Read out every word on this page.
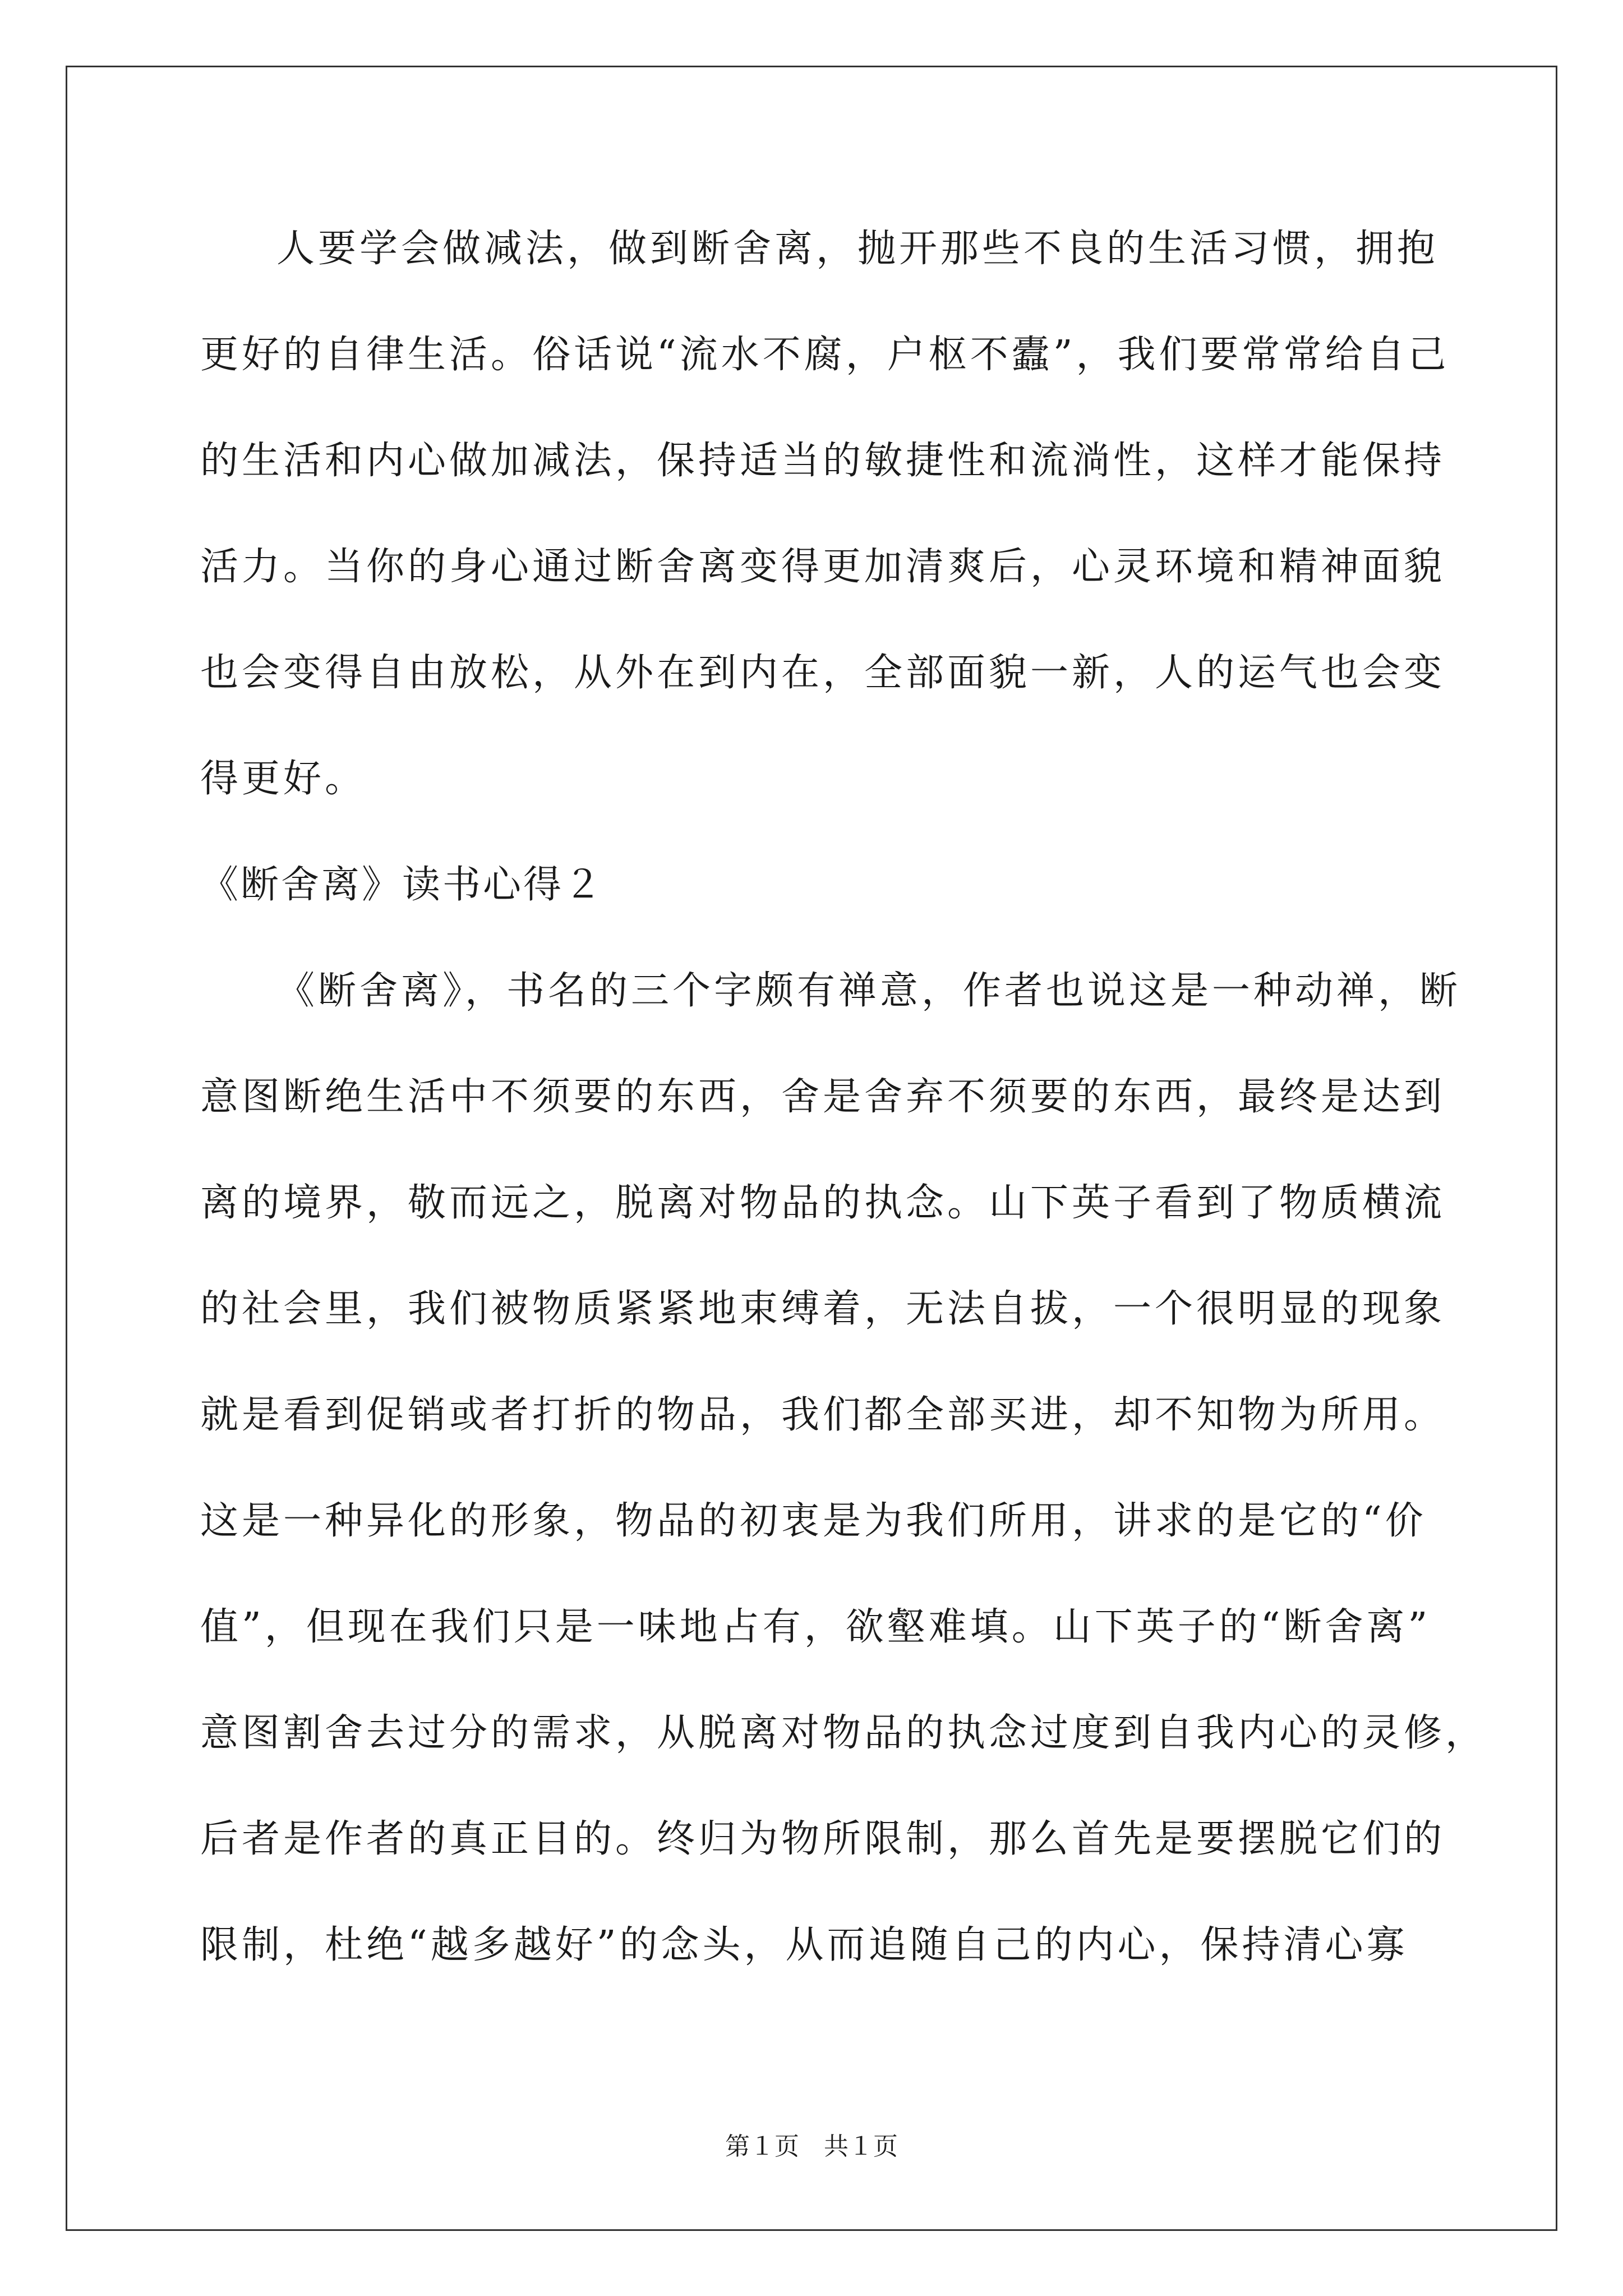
人要学会做减法，做到断舍离，抛开那些不良的生活习惯，拥抱
更好的自律生活。俗话说“流水不腐，户枢不蠹”，我们要常常给自己
的生活和内心做加减法，保持适当的敏捷性和流淌性，这样才能保持
活力。当你的身心通过断舍离变得更加清爽后，心灵环境和精神面貌
也会变得自由放松，从外在到内在，全部面貌一新，人的运气也会变
得更好。
《断舍离》读书心得２
《断舍离》，书名的三个字颇有禅意，作者也说这是一种动禅，断
意图断绝生活中不须要的东西，舍是舍弃不须要的东西，最终是达到
离的境界，敬而远之，脱离对物品的执念。山下英子看到了物质横流
的社会里，我们被物质紧紧地束缚着，无法自拔，一个很明显的现象
就是看到促销或者打折的物品，我们都全部买进，却不知物为所用。
这是一种异化的形象，物品的初衷是为我们所用，讲求的是它的“价
值”，但现在我们只是一味地占有，欲壑难填。山下英子的“断舍离”
意图割舍去过分的需求，从脱离对物品的执念过度到自我内心的灵修，
后者是作者的真正目的。终归为物所限制，那么首先是要摆脱它们的
限制，杜绝“越多越好”的念头，从而追随自己的内心，保持清心寡
第１页　共１页
